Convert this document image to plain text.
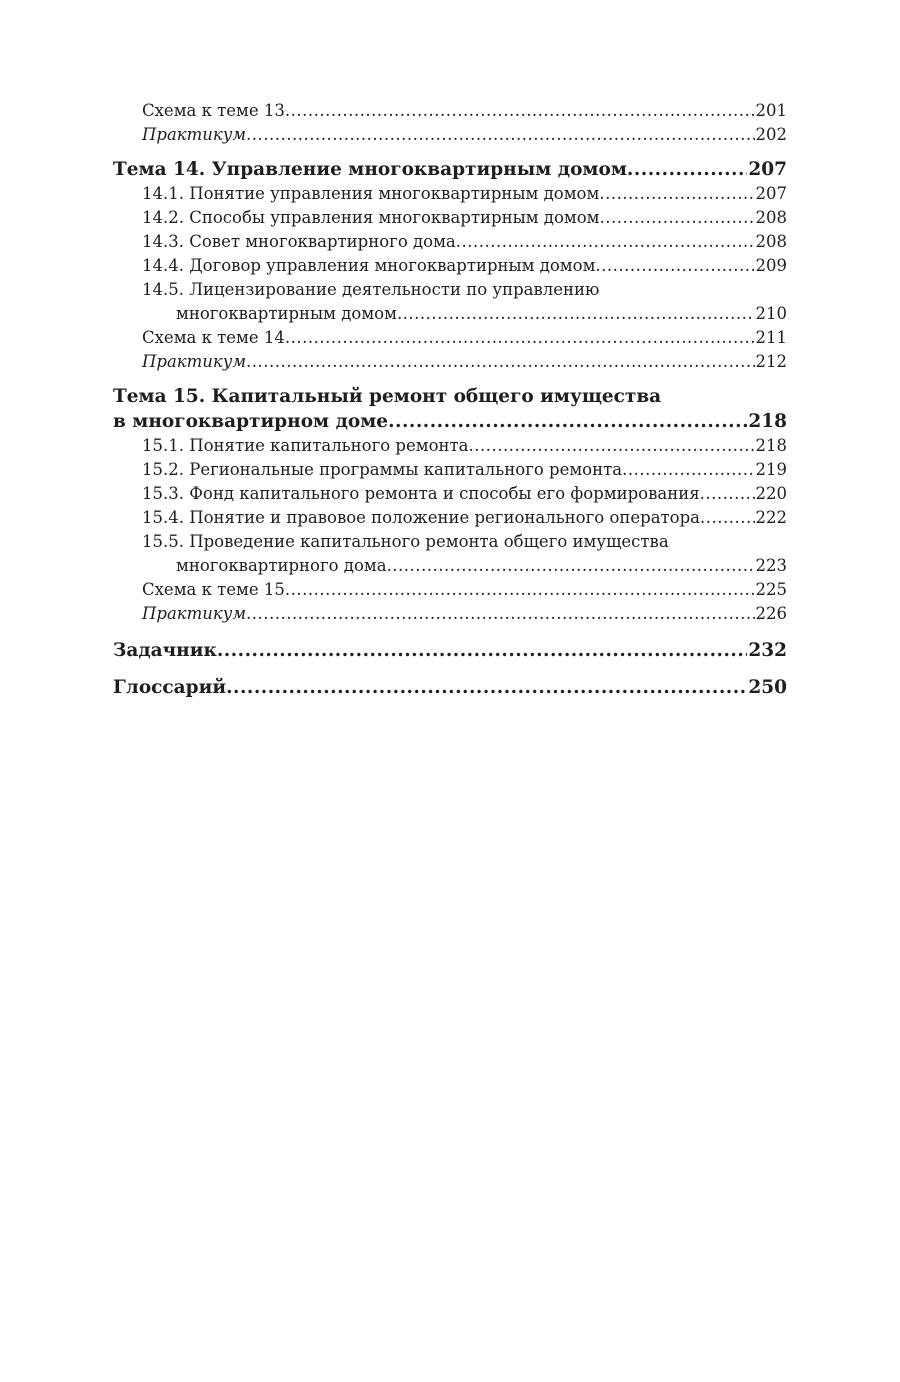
Схема к теме 13 .....	201
Практикум .....	202
Тема 14. Управление многоквартирным домом .....	207
14.1. Понятие управления многоквартирным домом .....	207
14.2. Способы управления многоквартирным домом .....	208
14.3. Совет многоквартирного дома .....	208
14.4. Договор управления многоквартирным домом .....	209
14.5. Лицензирование деятельности по управлению
многоквартирным домом .....	210
Схема к теме 14 .....	211
Практикум .....	212
Тема 15. Капитальный ремонт общего имущества
в многоквартирном доме .....	218
15.1. Понятие капитального ремонта .....	218
15.2. Региональные программы капитального ремонта .....	219
15.3. Фонд капитального ремонта и способы его формирования .....	220
15.4. Понятие и правовое положение регионального оператора .....	222
15.5. Проведение капитального ремонта общего имущества
многоквартирного дома .....	223
Схема к теме 15 .....	225
Практикум .....	226
Задачник .....	232
Глоссарий .....	250
